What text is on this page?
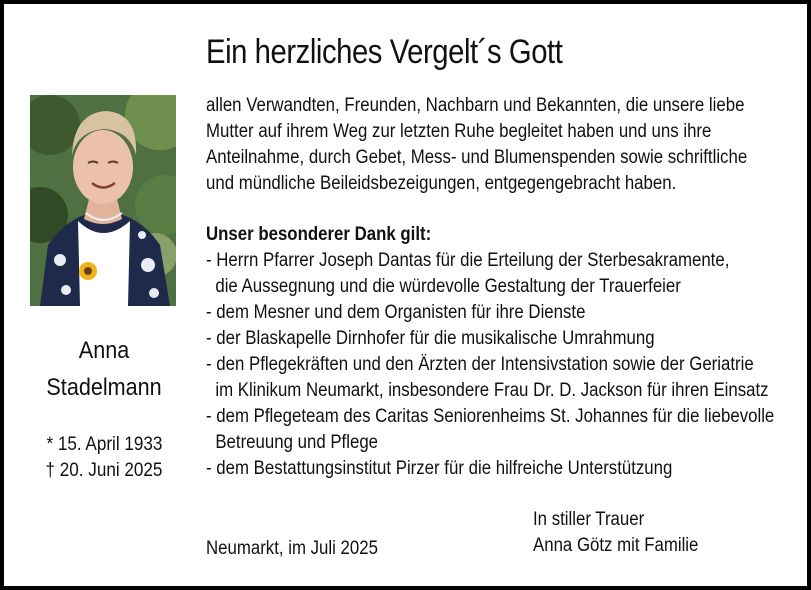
Ein herzliches Vergelt´s Gott
Anna
Stadelmann
* 15. April 1933
† 20. Juni 2025
allen Verwandten, Freunden, Nachbarn und Bekannten, die unsere liebe
Mutter auf ihrem Weg zur letzten Ruhe begleitet haben und uns ihre
Anteilnahme, durch Gebet, Mess- und Blumenspenden sowie schriftliche
und mündliche Beileidsbezeigungen, entgegengebracht haben.
Unser besonderer Dank gilt:
- Herrn Pfarrer Joseph Dantas für die Erteilung der Sterbesakramente,
die Aussegnung und die würdevolle Gestaltung der Trauerfeier
- dem Mesner und dem Organisten für ihre Dienste
- der Blaskapelle Dirnhofer für die musikalische Umrahmung
- den Pflegekräften und den Ärzten der Intensivstation sowie der Geriatrie
im Klinikum Neumarkt, insbesondere Frau Dr. D. Jackson für ihren Einsatz
- dem Pflegeteam des Caritas Seniorenheims St. Johannes für die liebevolle
Betreuung und Pflege
- dem Bestattungsinstitut Pirzer für die hilfreiche Unterstützung
Neumarkt, im Juli 2025
In stiller Trauer
Anna Götz mit Familie
